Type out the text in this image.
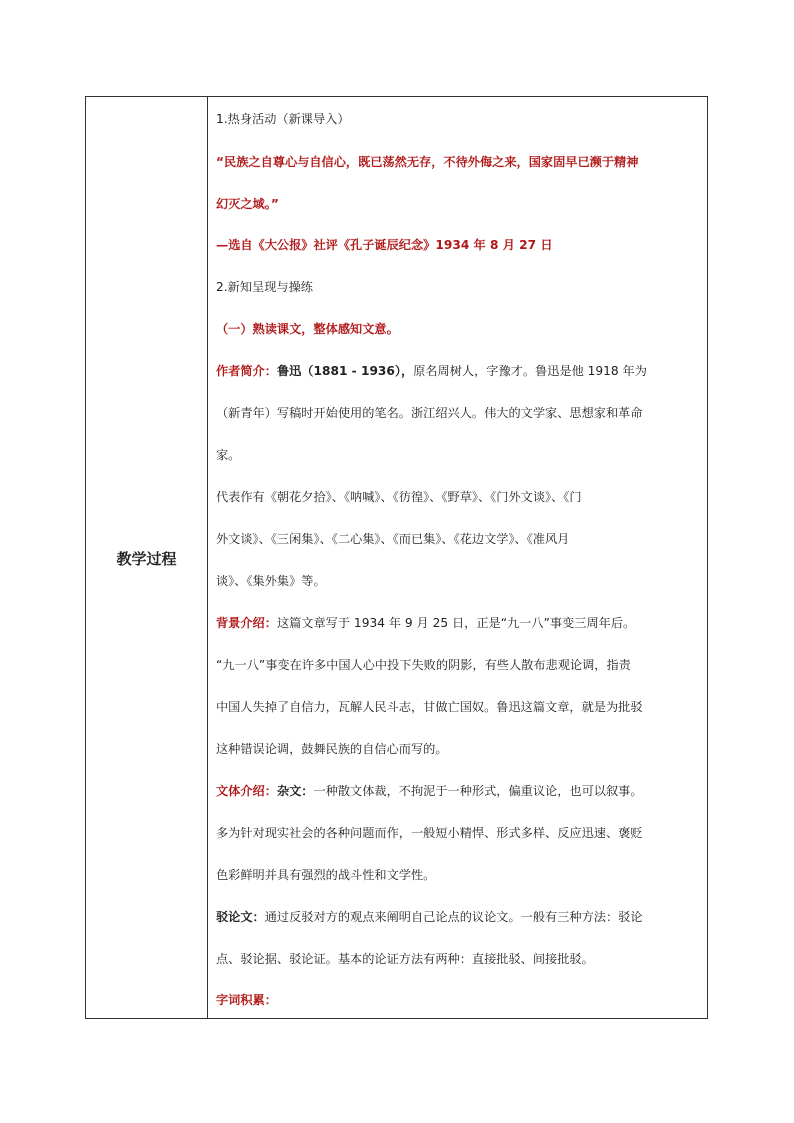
教学过程
1.热身活动（新课导入）
“民族之自尊心与自信心，既已荡然无存，不待外侮之来，国家固早已濒于精神
幻灭之域。”
—选自《大公报》社评《孔子诞辰纪念》1934 年 8 月 27 日
2.新知呈现与操练
（一）熟读课文，整体感知文意。
作者简介：鲁迅（1881 - 1936），原名周树人，字豫才。鲁迅是他 1918 年为
（新青年）写稿时开始使用的笔名。浙江绍兴人。伟大的文学家、思想家和革命
家。
代表作有《朝花夕拾》、《呐喊》、《彷徨》、《野草》、《门外文谈》、《门
外文谈》、《三闲集》、《二心集》、《而已集》、《花边文学》、《准风月
谈》、《集外集》等。
背景介绍：这篇文章写于 1934 年 9 月 25 日，正是“九一八”事变三周年后。
“九一八”事变在许多中国人心中投下失败的阴影，有些人散布悲观论调，指责
中国人失掉了自信力，瓦解人民斗志，甘做亡国奴。鲁迅这篇文章，就是为批驳
这种错误论调，鼓舞民族的自信心而写的。
文体介绍：杂文：一种散文体裁，不拘泥于一种形式，偏重议论，也可以叙事。
多为针对现实社会的各种问题而作，一般短小精悍、形式多样、反应迅速、褒贬
色彩鲜明并具有强烈的战斗性和文学性。
驳论文：通过反驳对方的观点来阐明自己论点的议论文。一般有三种方法：驳论
点、驳论据、驳论证。基本的论证方法有两种：直接批驳、间接批驳。
字词积累：
